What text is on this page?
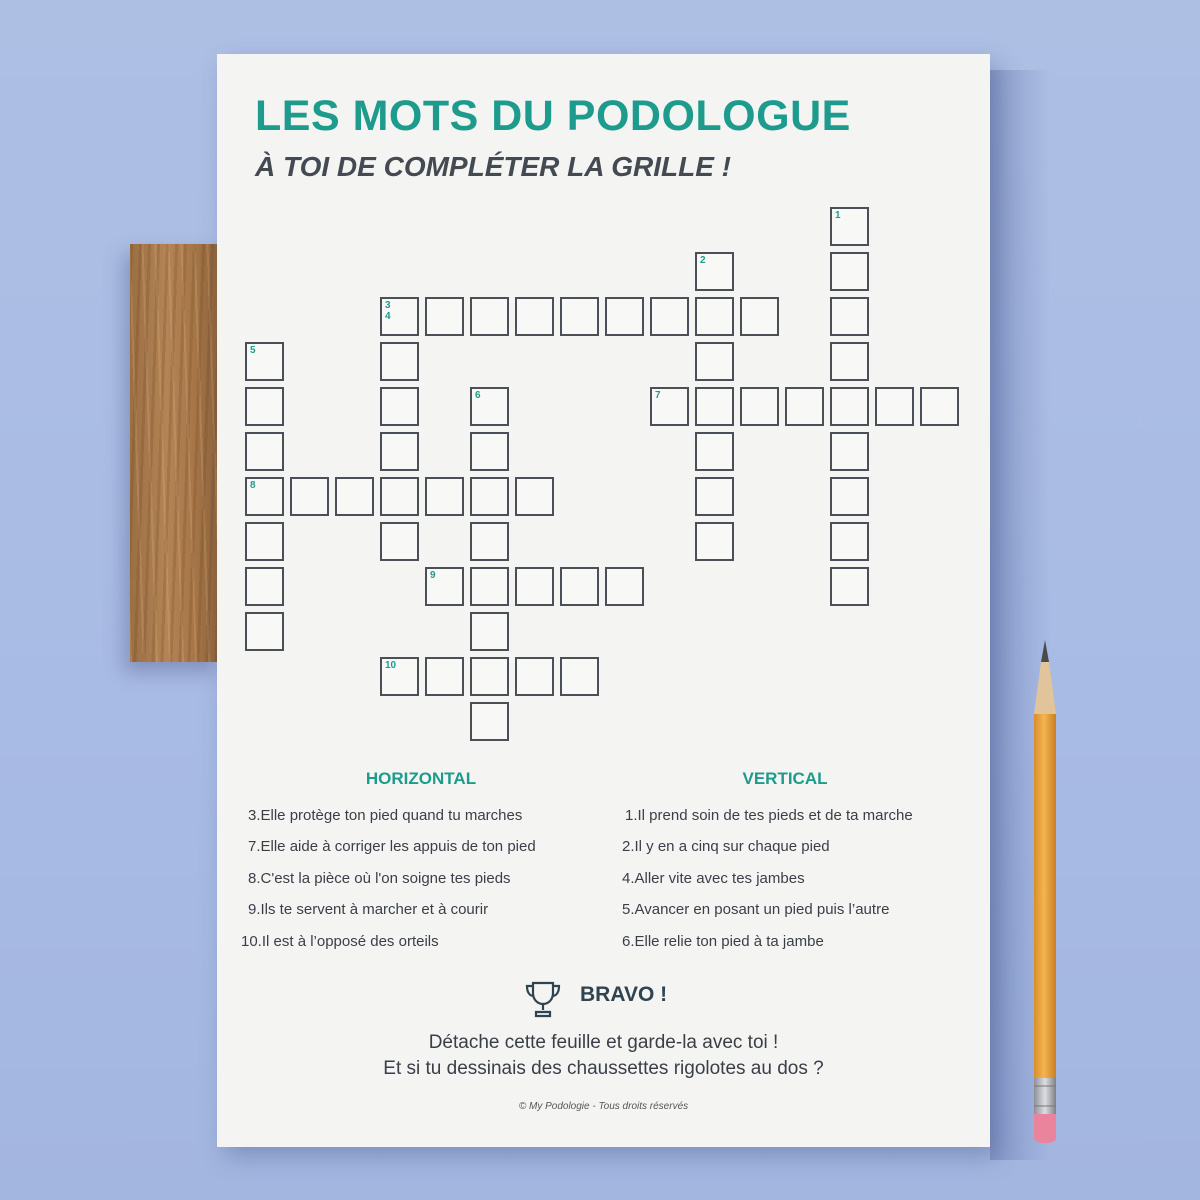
LES MOTS DU PODOLOGUE
À TOI DE COMPLÉTER LA GRILLE !
1
2
3
4
5
8
6	7
9
10
HORIZONTAL	VERTICAL
3.Elle protège ton pied quand tu marches
7.Elle aide à corriger les appuis de ton pied
8.C'est la pièce où l'on soigne tes pieds
9.Ils te servent à marcher et à courir
10.Il est à l’opposé des orteils
1.Il prend soin de tes pieds et de ta marche
2.Il y en a cinq sur chaque pied
4.Aller vite avec tes jambes
5.Avancer en posant un pied puis l’autre
6.Elle relie ton pied à ta jambe
BRAVO !
Détache cette feuille et garde-la avec toi !
Et si tu dessinais des chaussettes rigolotes au dos ?
© My Podologie - Tous droits réservés
